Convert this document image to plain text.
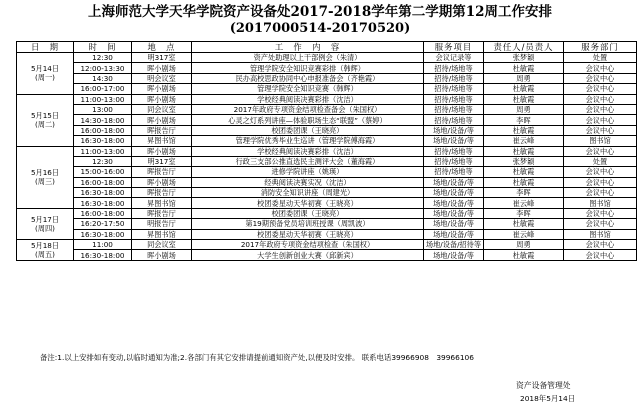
上海师范大学天华学院资产设备处2017-2018学年第二学期第12周工作安排
(2017000514-20170520)
日　期	时　间	地　点	工　作　内　容	服务项目	责任人/员责人	服务部门

5月14日
(周一)	12:30	明317室	资产处助理以上干部例会（朱清）	会议记录等	张梦颖	处置
	12:00-13:30	晖小剧场	管理学院安全知识竞赛彩排（韩辉）	招待/场地等	杜敏霞	会议中心
	14:30	明会议室	民办高校思政协同中心申报准备会（齐艳霞）	招待/场地等	周勇	会议中心
	16:00-17:00	晖小剧场	管理学院安全知识竞赛（韩辉）	招待/场地等	杜敏霞	会议中心

5月15日
(周二)	11:00-13:00	晖小剧场	学校经典阅读决赛彩排（沈洁）	招待/场地等	杜敏霞	会议中心
	13:00	同会议室	2017年政府专项资金结项检查备会（朱国权）	招待/场地等	周勇	会议中心
	14:30-18:00	晖小剧场	心灵之灯系列讲座—体验职场生态“联盟”（蔡婷）	招待/场地等	李晖	会议中心
	16:00-18:00	晖报告厅	校团委团课（王晓亮）	场地/设备/等	杜敏霞	会议中心
	16:30-18:00	昇图书馆	管理学院优秀毕业生巡讲（管理学院傅海霞）	场地/设备/等	崔云峰	图书馆

5月16日
(周三)	11:00-13:00	晖小剧场	学校经典阅读决赛彩排（沈洁）	招待/场地等	杜敏霞	会议中心
	12:30	明317室	行政三支部公推直选民主测评大会（董海霞）	招待/场地等	张梦颖	处置
	15:00-16:00	晖报告厅	进修学院讲座（姚瑛）	招待/场地等	杜敏霞	会议中心
	16:00-18:00	晖小剧场	经典阅读决赛实况（沈洁）	场地/设备/等	杜敏霞	会议中心
	16:30-18:00	晖报告厅	消防安全知识讲座（周建光）	场地/设备/等	李晖	会议中心
	16:30-18:00	昇图书馆	校团委星动天华初赛（王晓亮）	场地/设备/等	崔云峰	图书馆

5月17日
(周四)	16:00-18:00	晖报告厅	校团委团课（王晓亮）	场地/设备/等	李晖	会议中心
	16:20-17:50	明报告厅	第19期预备党员培训班授课（周凯波）	场地/设备/等	杜敏霞	会议中心
	16:30-18:00	昇图书馆	校团委星动天华初赛（王晓亮）	场地/设备/等	崔云峰	图书馆

5月18日
(周五)	11:00	同会议室	2017年政府专项资金结项检查（朱国权）	场地/设备/招待等	周勇	会议中心
	16:30-18:00	晖小剧场	大学生创新创业大赛（邱新宾）	场地/设备/等	杜敏霞	会议中心
备注:1.以上安排如有变动,以临时通知为准;2.各部门有其它安排请提前通知资产处,以便及时安排。 联系电话39966908　39966106
资产设备管理处
2018年5月14日
